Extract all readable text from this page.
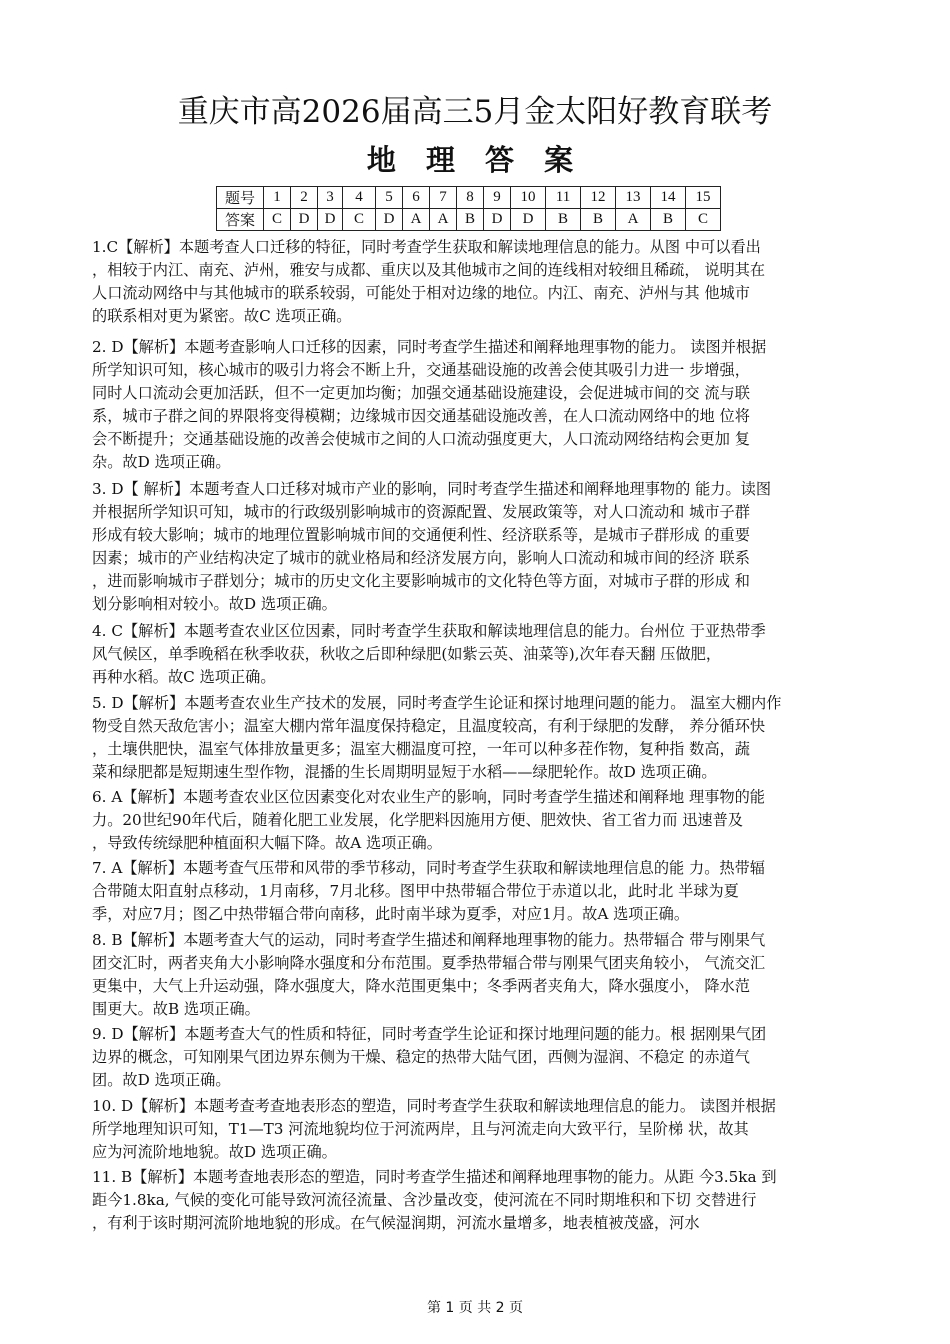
重庆市高2026届高三5月金太阳好教育联考
地 理 答 案
题号	1	2	3	4	5	6	7	8	9	10	11	12	13	14	15
答案	C	D	D	C	D	A	A	B	D	D	B	B	A	B	C
1.C【解析】本题考查人口迁移的特征，同时考查学生获取和解读地理信息的能力。从图 中可以看出
，相较于内江、南充、泸州，雅安与成都、重庆以及其他城市之间的连线相对较细且稀疏， 说明其在
人口流动网络中与其他城市的联系较弱，可能处于相对边缘的地位。内江、南充、泸州与其 他城市
的联系相对更为紧密。故C 选项正确。
2. D【解析】本题考查影响人口迁移的因素，同时考查学生描述和阐释地理事物的能力。 读图并根据
所学知识可知，核心城市的吸引力将会不断上升，交通基础设施的改善会使其吸引力进一 步增强，
同时人口流动会更加活跃，但不一定更加均衡；加强交通基础设施建设，会促进城市间的交 流与联
系，城市子群之间的界限将变得模糊；边缘城市因交通基础设施改善，在人口流动网络中的地 位将
会不断提升；交通基础设施的改善会使城市之间的人口流动强度更大，人口流动网络结构会更加 复
杂。故D 选项正确。
3. D【 解析】本题考查人口迁移对城市产业的影响，同时考查学生描述和阐释地理事物的 能力。读图
并根据所学知识可知，城市的行政级别影响城市的资源配置、发展政策等，对人口流动和 城市子群
形成有较大影响；城市的地理位置影响城市间的交通便利性、经济联系等，是城市子群形成 的重要
因素；城市的产业结构决定了城市的就业格局和经济发展方向，影响人口流动和城市间的经济 联系
，进而影响城市子群划分；城市的历史文化主要影响城市的文化特色等方面，对城市子群的形成 和
划分影响相对较小。故D 选项正确。
4. C【解析】本题考查农业区位因素，同时考查学生获取和解读地理信息的能力。台州位 于亚热带季
风气候区，单季晚稻在秋季收获，秋收之后即种绿肥(如紫云英、油菜等),次年春天翻 压做肥，
再种水稻。故C 选项正确。
5. D【解析】本题考查农业生产技术的发展，同时考查学生论证和探讨地理问题的能力。 温室大棚内作
物受自然天敌危害小；温室大棚内常年温度保持稳定，且温度较高，有利于绿肥的发酵， 养分循环快
，土壤供肥快，温室气体排放量更多；温室大棚温度可控，一年可以种多茬作物，复种指 数高，蔬
菜和绿肥都是短期速生型作物，混播的生长周期明显短于水稻——绿肥轮作。故D 选项正确。
6. A【解析】本题考查农业区位因素变化对农业生产的影响，同时考查学生描述和阐释地 理事物的能
力。20世纪90年代后，随着化肥工业发展，化学肥料因施用方便、肥效快、省工省力而 迅速普及
，导致传统绿肥种植面积大幅下降。故A 选项正确。
7. A【解析】本题考查气压带和风带的季节移动，同时考查学生获取和解读地理信息的能 力。热带辐
合带随太阳直射点移动，1月南移，7月北移。图甲中热带辐合带位于赤道以北，此时北 半球为夏
季，对应7月；图乙中热带辐合带向南移，此时南半球为夏季，对应1月。故A 选项正确。
8. B【解析】本题考查大气的运动，同时考查学生描述和阐释地理事物的能力。热带辐合 带与刚果气
团交汇时，两者夹角大小影响降水强度和分布范围。夏季热带辐合带与刚果气团夹角较小， 气流交汇
更集中，大气上升运动强，降水强度大，降水范围更集中；冬季两者夹角大，降水强度小， 降水范
围更大。故B 选项正确。
9. D【解析】本题考查大气的性质和特征，同时考查学生论证和探讨地理问题的能力。根 据刚果气团
边界的概念，可知刚果气团边界东侧为干燥、稳定的热带大陆气团，西侧为湿润、不稳定 的赤道气
团。故D 选项正确。
10. D【解析】本题考查考查地表形态的塑造，同时考查学生获取和解读地理信息的能力。 读图并根据
所学地理知识可知，T1—T3 河流地貌均位于河流两岸，且与河流走向大致平行，呈阶梯 状，故其
应为河流阶地地貌。故D 选项正确。
11. B【解析】本题考查地表形态的塑造，同时考查学生描述和阐释地理事物的能力。从距 今3.5ka 到
距今1.8ka, 气候的变化可能导致河流径流量、含沙量改变，使河流在不同时期堆积和下切 交替进行
，有利于该时期河流阶地地貌的形成。在气候湿润期，河流水量增多，地表植被茂盛，河水
第 1 页 共 2 页
